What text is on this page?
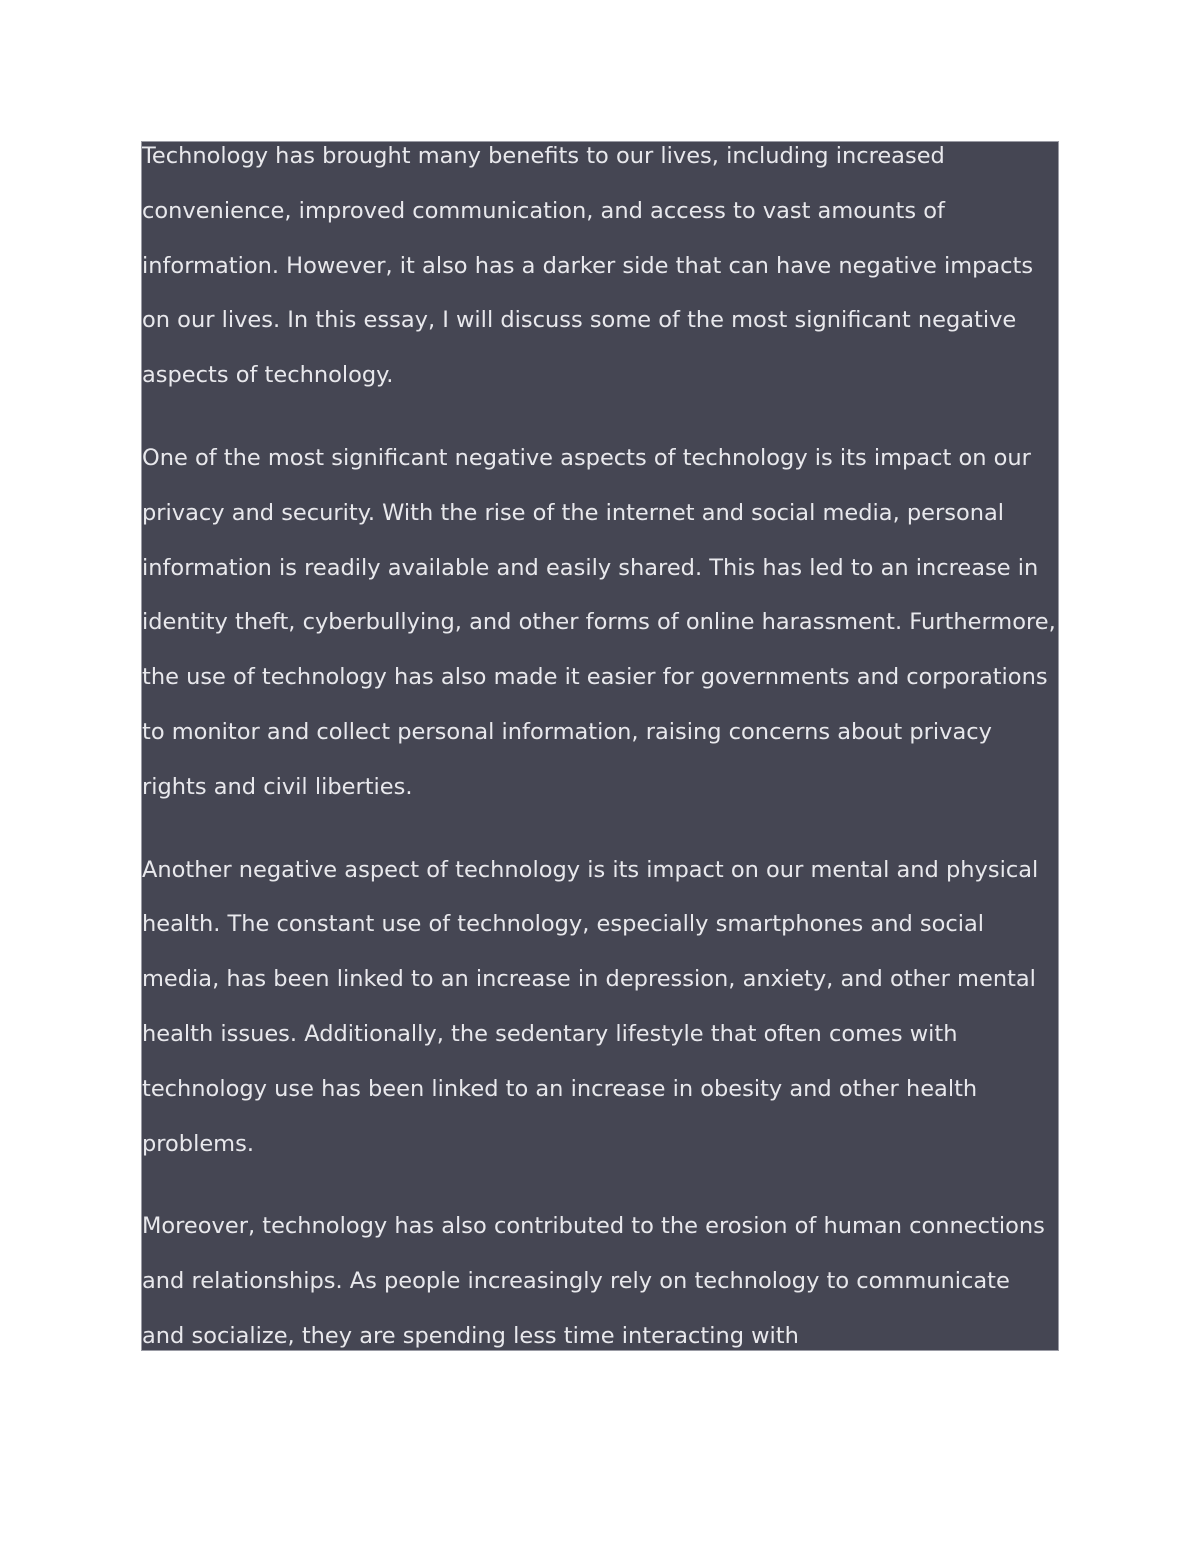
Technology has brought many benefits to our lives, including increased convenience, improved communication, and access to vast amounts of information. However, it also has a darker side that can have negative impacts on our lives. In this essay, I will discuss some of the most significant negative aspects of technology.

One of the most significant negative aspects of technology is its impact on our privacy and security. With the rise of the internet and social media, personal information is readily available and easily shared. This has led to an increase in identity theft, cyberbullying, and other forms of online harassment. Furthermore, the use of technology has also made it easier for governments and corporations to monitor and collect personal information, raising concerns about privacy rights and civil liberties.

Another negative aspect of technology is its impact on our mental and physical health. The constant use of technology, especially smartphones and social media, has been linked to an increase in depression, anxiety, and other mental health issues. Additionally, the sedentary lifestyle that often comes with technology use has been linked to an increase in obesity and other health problems.

Moreover, technology has also contributed to the erosion of human connections and relationships. As people increasingly rely on technology to communicate and socialize, they are spending less time interacting with
